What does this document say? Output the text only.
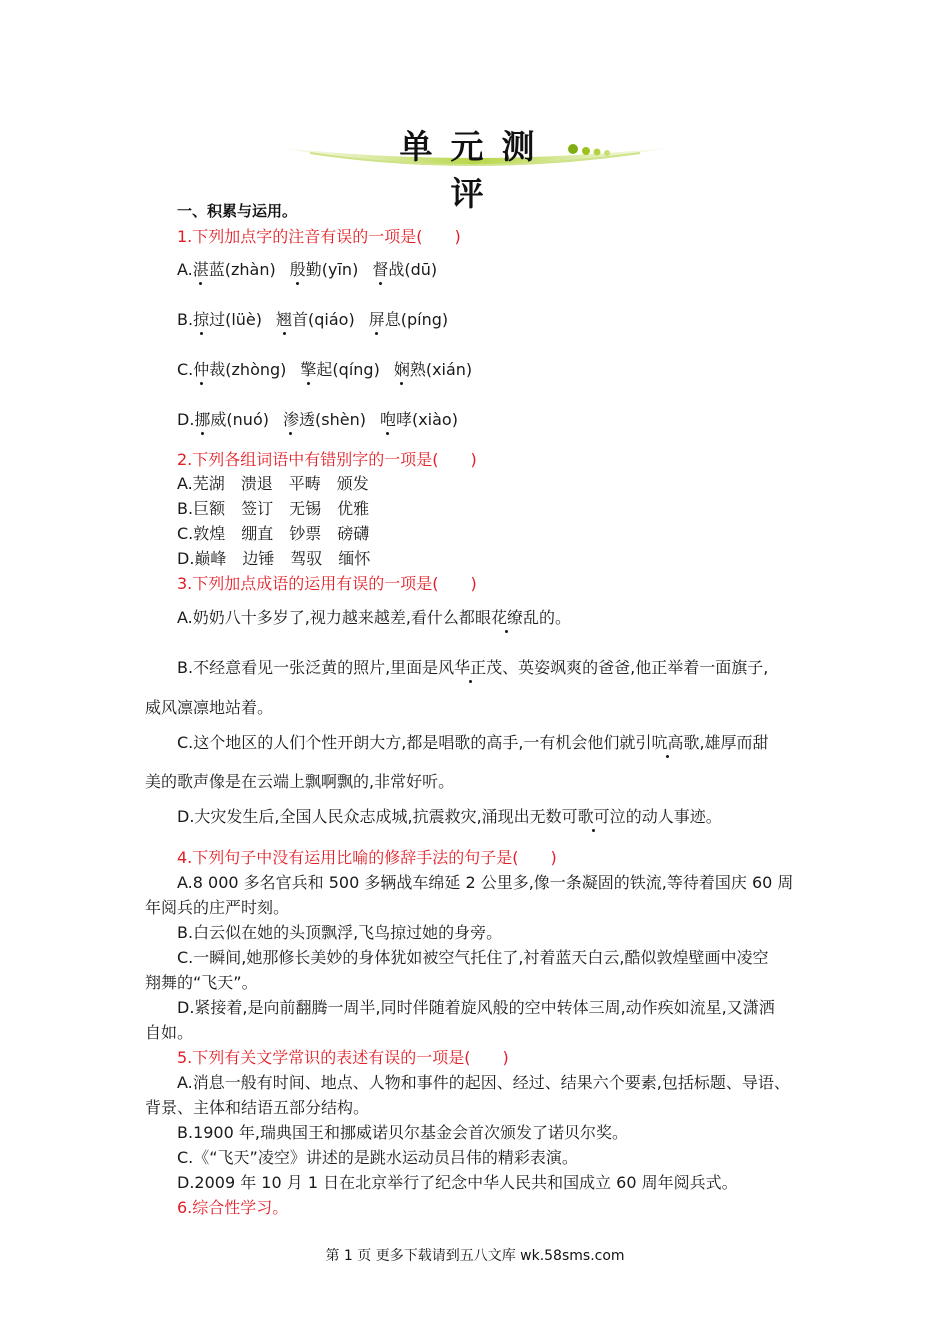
单元测评
一、积累与运用。
1.下列加点字的注音有误的一项是(　　)
A.湛蓝(zhàn) 殷勤(yīn) 督战(dū)
B.掠过(lüè) 翘首(qiáo) 屏息(píng)
C.仲裁(zhòng) 擎起(qíng) 娴熟(xián)
D.挪威(nuó) 渗透(shèn) 咆哮(xiào)
2.下列各组词语中有错别字的一项是(　　)
A.芜湖　溃退　平畴　颁发
B.巨额　签订　无锡　优雅
C.敦煌　绷直　钞票　磅礴
D.巅峰　边锤　驾驭　缅怀
3.下列加点成语的运用有误的一项是(　　)
A.奶奶八十多岁了,视力越来越差,看什么都眼花缭乱的。
B.不经意看见一张泛黄的照片,里面是风华正茂、英姿飒爽的爸爸,他正举着一面旗子,
威风凛凛地站着。
C.这个地区的人们个性开朗大方,都是唱歌的高手,一有机会他们就引吭高歌,雄厚而甜
美的歌声像是在云端上飘啊飘的,非常好听。
D.大灾发生后,全国人民众志成城,抗震救灾,涌现出无数可歌可泣的动人事迹。
4.下列句子中没有运用比喻的修辞手法的句子是(　　)
A.8 000 多名官兵和 500 多辆战车绵延 2 公里多,像一条凝固的铁流,等待着国庆 60 周
年阅兵的庄严时刻。
B.白云似在她的头顶飘浮,飞鸟掠过她的身旁。
C.一瞬间,她那修长美妙的身体犹如被空气托住了,衬着蓝天白云,酷似敦煌壁画中凌空
翔舞的“飞天”。
D.紧接着,是向前翻腾一周半,同时伴随着旋风般的空中转体三周,动作疾如流星,又潇洒
自如。
5.下列有关文学常识的表述有误的一项是(　　)
A.消息一般有时间、地点、人物和事件的起因、经过、结果六个要素,包括标题、导语、
背景、主体和结语五部分结构。
B.1900 年,瑞典国王和挪威诺贝尔基金会首次颁发了诺贝尔奖。
C.《“飞天”凌空》讲述的是跳水运动员吕伟的精彩表演。
D.2009 年 10 月 1 日在北京举行了纪念中华人民共和国成立 60 周年阅兵式。
6.综合性学习。
第 1 页 更多下载请到五八文库 wk.58sms.com
